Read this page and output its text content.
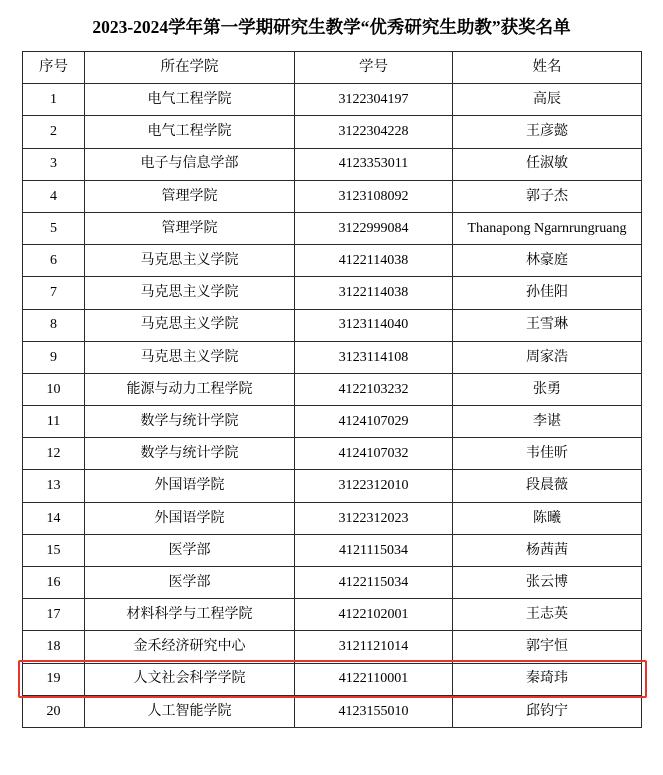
2023-2024学年第一学期研究生教学“优秀研究生助教”获奖名单
序号	所在学院	学号	姓名
1	电气工程学院	3122304197	高辰
2	电气工程学院	3122304228	王彦懿
3	电子与信息学部	4123353011	任淑敏
4	管理学院	3123108092	郭子杰
5	管理学院	3122999084	Thanapong Ngarnrungruang
6	马克思主义学院	4122114038	林豪庭
7	马克思主义学院	3122114038	孙佳阳
8	马克思主义学院	3123114040	王雪琳
9	马克思主义学院	3123114108	周家浩
10	能源与动力工程学院	4122103232	张勇
11	数学与统计学院	4124107029	李谌
12	数学与统计学院	4124107032	韦佳昕
13	外国语学院	3122312010	段晨薇
14	外国语学院	3122312023	陈曦
15	医学部	4121115034	杨茜茜
16	医学部	4122115034	张云博
17	材料科学与工程学院	4122102001	王志英
18	金禾经济研究中心	3121121014	郭宇恒
19	人文社会科学学院	4122110001	秦琦玮
20	人工智能学院	4123155010	邱钧宁
